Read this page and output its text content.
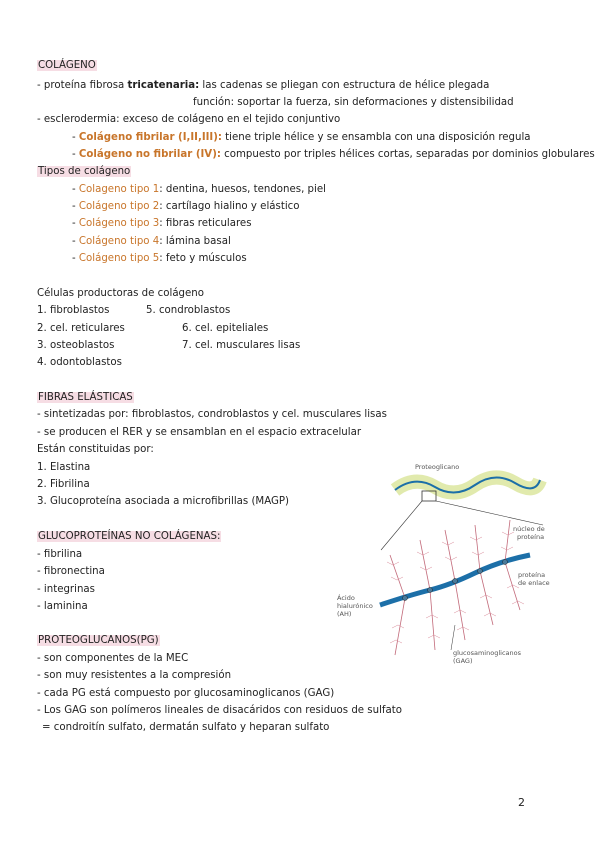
COLÁGENO
- proteína fibrosa tricatenaria: las cadenas se pliegan con estructura de hélice plegada
función: soportar la fuerza, sin deformaciones y distensibilidad
- esclerodermia: exceso de colágeno en el tejido conjuntivo
- Colágeno fibrilar (I,II,III): tiene triple hélice y se ensambla con una disposición regula
- Colágeno no fibrilar (IV): compuesto por triples hélices cortas, separadas por dominios globulares
Tipos de colágeno
- Colageno tipo 1: dentina, huesos, tendones, piel
- Colágeno tipo 2: cartílago hialino y elástico
- Colágeno tipo 3: fibras reticulares
- Colágeno tipo 4: lámina basal
- Colágeno tipo 5: feto y músculos
Células productoras de colágeno
1. fibroblastos	5. condroblastos
2. cel. reticulares	6. cel. epiteliales
3. osteoblastos	7. cel. musculares lisas
4. odontoblastos
FIBRAS ELÁSTICAS
- sintetizadas por: fibroblastos, condroblastos y cel. musculares lisas
- se producen el RER y se ensamblan en el espacio extracelular
Están constituidas por:
1. Elastina
2. Fibrilina
3. Glucoproteína asociada a microfibrillas (MAGP)
GLUCOPROTEÍNAS NO COLÁGENAS:
- fibrilina
- fibronectina
- integrinas
- laminina
PROTEOGLUCANOS(PG)
- son componentes de la MEC
- son muy resistentes a la compresión
- cada PG está compuesto por glucosaminoglicanos (GAG)
- Los GAG son polímeros lineales de disacáridos con residuos de sulfato
= condroitín sulfato, dermatán sulfato y heparan sulfato
Proteoglicano
núcleo de
proteína
proteína
de enlace
Ácido
hialurónico
(AH)
glucosaminoglicanos
(GAG)
2
